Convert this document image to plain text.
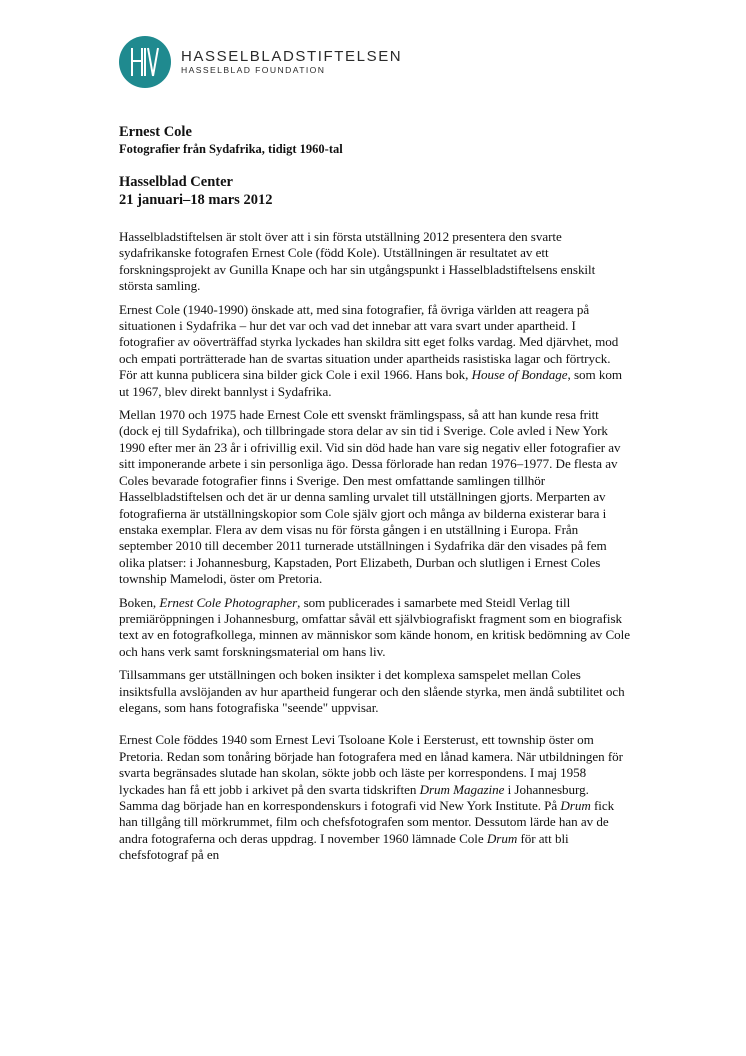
HASSELBLADSTIFTELSEN
HASSELBLAD FOUNDATION
Ernest Cole
Fotografier från Sydafrika, tidigt 1960-tal
Hasselblad Center
21 januari–18 mars 2012

Hasselbladstiftelsen är stolt över att i sin första utställning 2012 presentera den svarte sydafrikanske fotografen Ernest Cole (född Kole). Utställningen är resultatet av ett forskningsprojekt av Gunilla Knape och har sin utgångspunkt i Hasselbladstiftelsens enskilt största samling.

Ernest Cole (1940-1990) önskade att, med sina fotografier, få övriga världen att reagera på situationen i Sydafrika – hur det var och vad det innebar att vara svart under apartheid. I fotografier av oöverträffad styrka lyckades han skildra sitt eget folks vardag. Med djärvhet, mod och empati porträtterade han de svartas situation under apartheids rasistiska lagar och förtryck. För att kunna publicera sina bilder gick Cole i exil 1966. Hans bok, House of Bondage, som kom ut 1967, blev direkt bannlyst i Sydafrika.

Mellan 1970 och 1975 hade Ernest Cole ett svenskt främlingspass, så att han kunde resa fritt (dock ej till Sydafrika), och tillbringade stora delar av sin tid i Sverige. Cole avled i New York 1990 efter mer än 23 år i ofrivillig exil. Vid sin död hade han vare sig negativ eller fotografier av sitt imponerande arbete i sin personliga ägo. Dessa förlorade han redan 1976–1977. De flesta av Coles bevarade fotografier finns i Sverige. Den mest omfattande samlingen tillhör Hasselbladstiftelsen och det är ur denna samling urvalet till utställningen gjorts. Merparten av fotografierna är utställningskopior som Cole själv gjort och många av bilderna existerar bara i enstaka exemplar. Flera av dem visas nu för första gången i en utställning i Europa. Från september 2010 till december 2011 turnerade utställningen i Sydafrika där den visades på fem olika platser: i Johannesburg, Kapstaden, Port Elizabeth, Durban och slutligen i Ernest Coles township Mamelodi, öster om Pretoria.

Boken, Ernest Cole Photographer, som publicerades i samarbete med Steidl Verlag till premiäröppningen i Johannesburg, omfattar såväl ett självbiografiskt fragment som en biografisk text av en fotografkollega, minnen av människor som kände honom, en kritisk bedömning av Cole och hans verk samt forskningsmaterial om hans liv.

Tillsammans ger utställningen och boken insikter i det komplexa samspelet mellan Coles insiktsfulla avslöjanden av hur apartheid fungerar och den slående styrka, men ändå subtilitet och elegans, som hans fotografiska "seende" uppvisar.

Ernest Cole föddes 1940 som Ernest Levi Tsoloane Kole i Eersterust, ett township öster om Pretoria. Redan som tonåring började han fotografera med en lånad kamera. När utbildningen för svarta begränsades slutade han skolan, sökte jobb och läste per korrespondens. I maj 1958 lyckades han få ett jobb i arkivet på den svarta tidskriften Drum Magazine i Johannesburg. Samma dag började han en korrespondenskurs i fotografi vid New York Institute. På Drum fick han tillgång till mörkrummet, film och chefsfotografen som mentor. Dessutom lärde han av de andra fotograferna och deras uppdrag. I november 1960 lämnade Cole Drum för att bli chefsfotograf på en
